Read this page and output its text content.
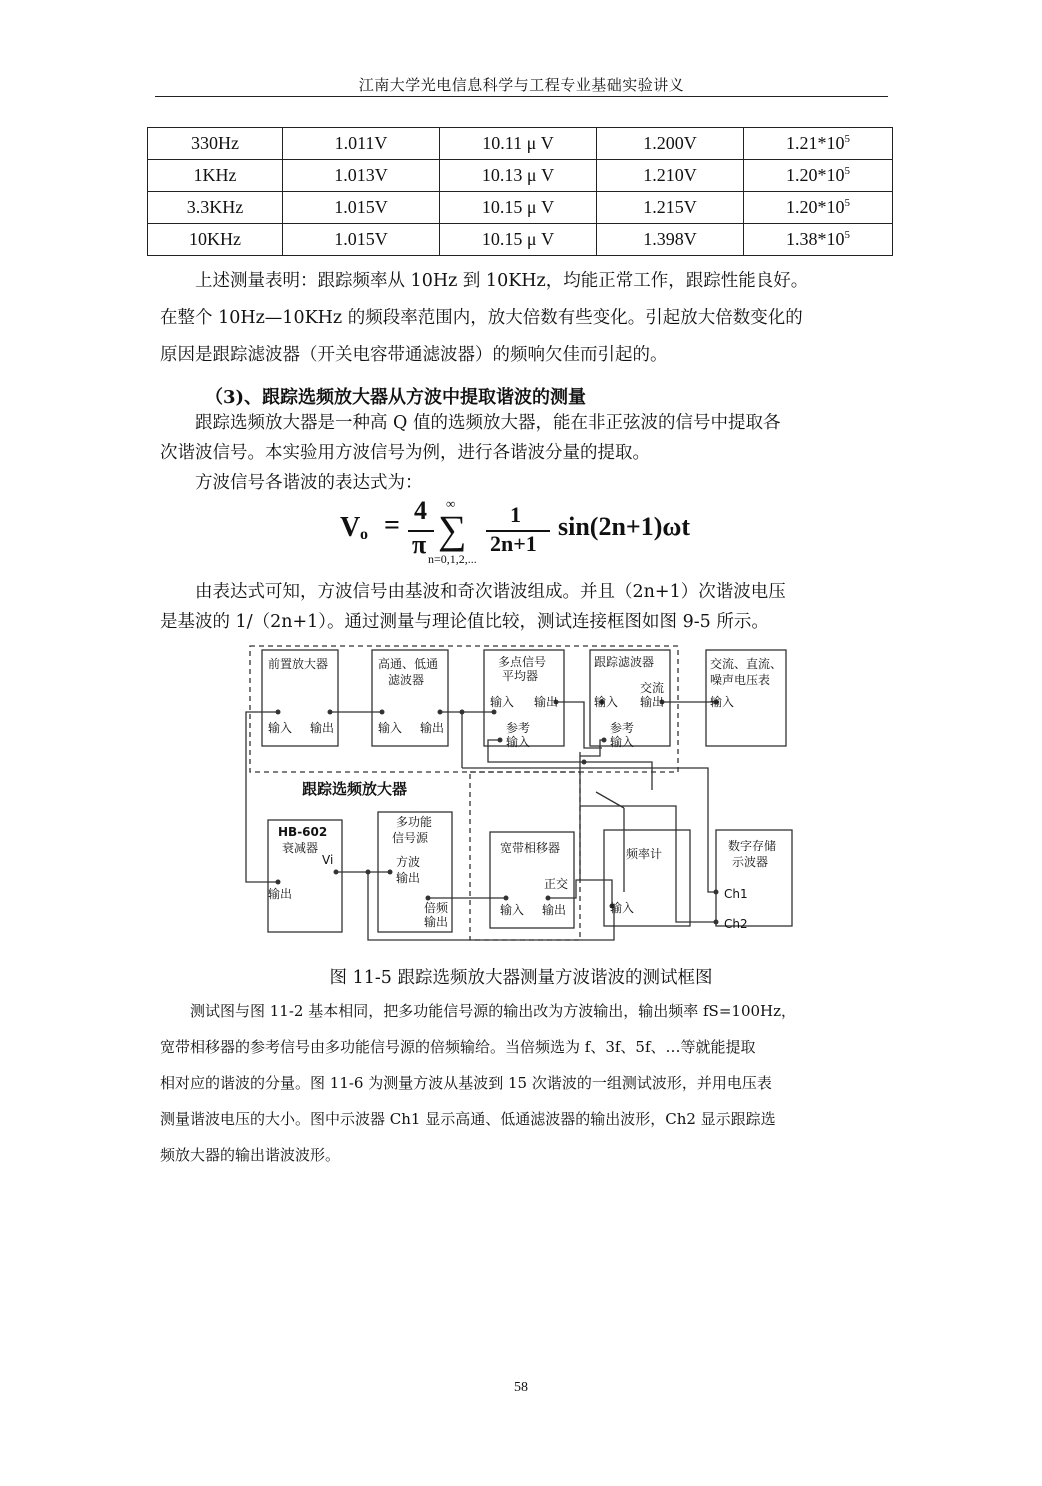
江南大学光电信息科学与工程专业基础实验讲义
330Hz	1.011V	10.11 μ V	1.200V	$1.21*10^5$
1KHz	1.013V	10.13 μ V	1.210V	$1.20*10^5$
3.3KHz	1.015V	10.15 μ V	1.215V	$1.20*10^5$
10KHz	1.015V	10.15 μ V	1.398V	$1.38*10^5$
上述测量表明：跟踪频率从 10Hz 到 10KHz，均能正常工作，跟踪性能良好。
在整个 10Hz—10KHz 的频段率范围内，放大倍数有些变化。引起放大倍数变化的
原因是跟踪滤波器（开关电容带通滤波器）的频响欠佳而引起的。
（3)、跟踪选频放大器从方波中提取谐波的测量
跟踪选频放大器是一种高 Q 值的选频放大器，能在非正弦波的信号中提取各
次谐波信号。本实验用方波信号为例，进行各谐波分量的提取。
方波信号各谐波的表达式为：
V o = 4
π
∞
∑
n=0,1,2,...
1
2n+1
sin(2n+1)ωt
由表达式可知，方波信号由基波和奇次谐波组成。并且（2n+1）次谐波电压
是基波的 1/（2n+1）。通过测量与理论值比较，测试连接框图如图 9-5 所示。
前置放大器
输入 输出
高通、低通
滤波器
输入 输出
多点信号
平均器
输入 输出
参考
输入
跟踪滤波器
交流
输出
输入
参考
输入
交流、直流、
噪声电压表
输入
跟踪选频放大器
HB-602
衰减器
Vi
输出
多功能
信号源
方波
输出
倍频
输出
宽带相移器
正交
输入 输出
频率计
输入
数字存储
示波器
Ch1
Ch2
图 11-5 跟踪选频放大器测量方波谐波的测试框图
测试图与图 11-2 基本相同，把多功能信号源的输出改为方波输出，输出频率 fS=100Hz，
宽带相移器的参考信号由多功能信号源的倍频输给。当倍频选为 f、3f、5f、…等就能提取
相对应的谐波的分量。图 11-6 为测量方波从基波到 15 次谐波的一组测试波形，并用电压表
测量谐波电压的大小。图中示波器 Ch1 显示高通、低通滤波器的输出波形，Ch2 显示跟踪选
频放大器的输出谐波波形。
58
